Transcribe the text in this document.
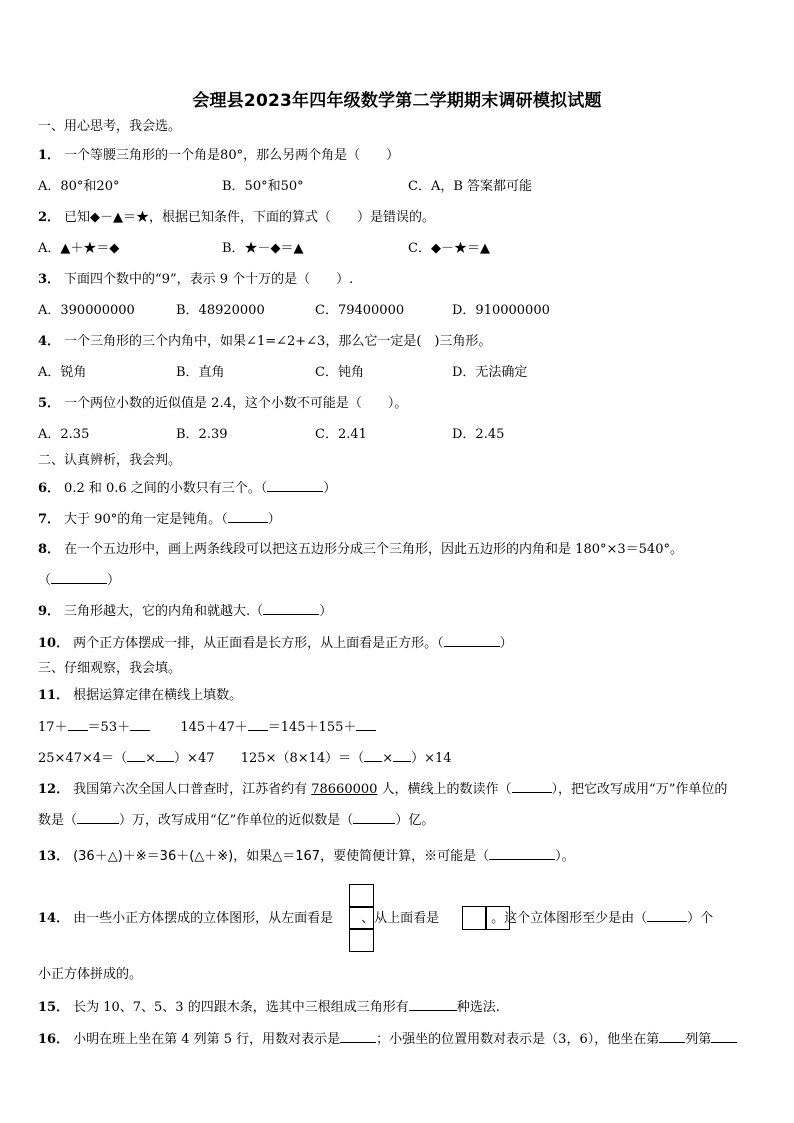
会理县2023年四年级数学第二学期期末调研模拟试题
一、用心思考，我会选。
1． 一个等腰三角形的一个角是80°，那么另两个角是（　　）
A．80°和20°	B．50°和50°	C．A，B 答案都可能
2． 已知◆－▲＝★，根据已知条件，下面的算式（　　）是错误的。
A．▲＋★＝◆	B．★－◆＝▲	C．◆－★＝▲
3． 下面四个数中的“9”，表示 9 个十万的是（　　）.
A．390000000	B．48920000	C．79400000	D．910000000
4． 一个三角形的三个内角中，如果∠1=∠2+∠3，那么它一定是(　)三角形。
A．锐角	B．直角	C．钝角	D．无法确定
5． 一个两位小数的近似值是 2.4，这个小数不可能是（　　）。
A．2.35	B．2.39	C．2.41	D．2.45
二、认真辨析，我会判。
6． 0.2 和 0.6 之间的小数只有三个。（	）
7． 大于 90°的角一定是钝角。（	）
8． 在一个五边形中，画上两条线段可以把这五边形分成三个三角形，因此五边形的内角和是 180°×3＝540°。
（	）
9． 三角形越大，它的内角和就越大.（	）
10． 两个正方体摆成一排，从正面看是长方形，从上面看是正方形。（	）
三、仔细观察，我会填。
11． 根据运算定律在横线上填数。
17＋ ＝53＋	145＋47＋ ＝145＋155＋
25×47×4＝（ × ）×47 125×（8×14）＝（ × ）×14
12． 我国第六次全国人口普查时，江苏省约有 78660000 人，横线上的数读作（	），把它改写成用“万”作单位的
数是（	）万，改写成用“亿”作单位的近似数是（	）亿。
13． (36＋△)＋※＝36＋(△＋※)，如果△＝167，要使简便计算，※可能是（	）。
14． 由一些小正方体摆成的立体图形，从左面看是 、从上面看是	。这个立体图形至少是由（	）个
小正方体拼成的。
15． 长为 10、7、5、3 的四跟木条，选其中三根组成三角形有	种选法.
16． 小明在班上坐在第 4 列第 5 行，用数对表示是	；小强坐的位置用数对表示是（3，6），他坐在第 列第
